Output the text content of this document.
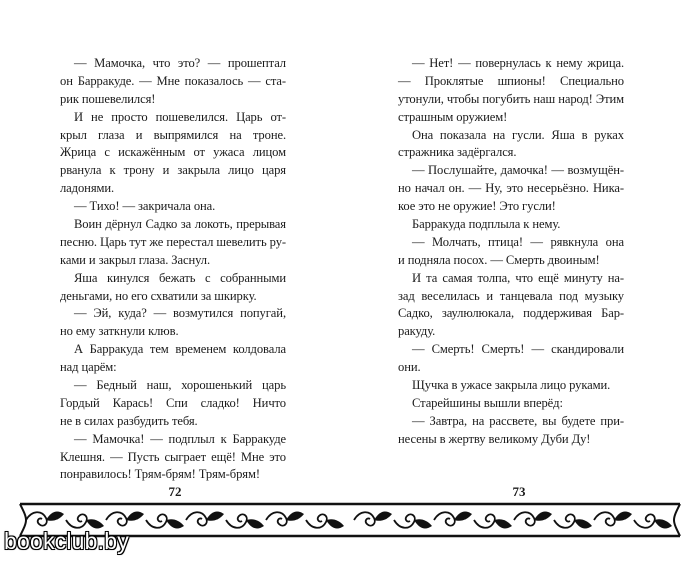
— Мамочка, что это? — прошептал
он Барракуде. — Мне показалось — ста-
рик пошевелился!
И не просто пошевелился. Царь от-
крыл глаза и выпрямился на троне.
Жрица с искажённым от ужаса лицом
рванула к трону и закрыла лицо царя
ладонями.
— Тихо! — закричала она.
Воин дёрнул Садко за локоть, прерывая
песню. Царь тут же перестал шевелить ру-
ками и закрыл глаза. Заснул.
Яша кинулся бежать с собранными
деньгами, но его схватили за шкирку.
— Эй, куда? — возмутился попугай,
но ему заткнули клюв.
А Барракуда тем временем колдовала
над царём:
— Бедный наш, хорошенький царь
Гордый Карась! Спи сладко! Ничто
не в силах разбудить тебя.
— Мамочка! — подплыл к Барракуде
Клешня. — Пусть сыграет ещё! Мне это
понравилось! Трям-брям! Трям-брям!
— Нет! — повернулась к нему жрица.
— Проклятые шпионы! Специально
утонули, чтобы погубить наш народ! Этим
страшным оружием!
Она показала на гусли. Яша в руках
стражника задёргался.
— Послушайте, дамочка! — возмущён-
но начал он. — Ну, это несерьёзно. Ника-
кое это не оружие! Это гусли!
Барракуда подплыла к нему.
— Молчать, птица! — рявкнула она
и подняла посох. — Смерть двоиным!
И та самая толпа, что ещё минуту на-
зад веселилась и танцевала под музыку
Садко, заулюлюкала, поддерживая Бар-
ракуду.
— Смерть! Смерть! — скандировали
они.
Щучка в ужасе закрыла лицо руками.
Старейшины вышли вперёд:
— Завтра, на рассвете, вы будете при-
несены в жертву великому Дуби Ду!
72	73
bookclub.by
